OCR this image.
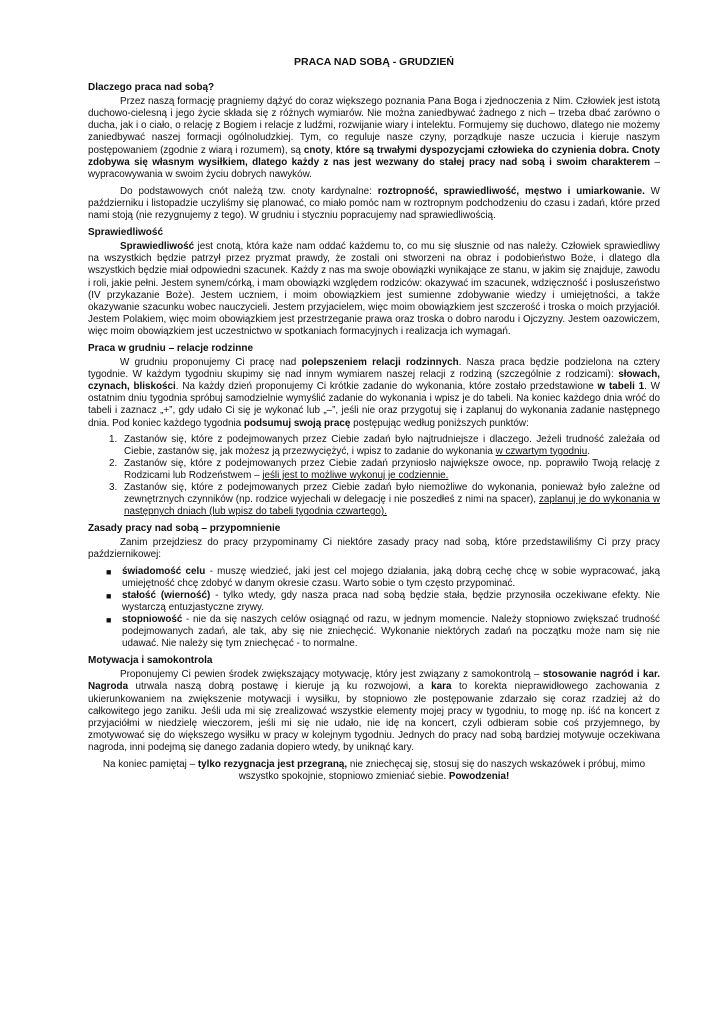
PRACA NAD SOBĄ - GRUDZIEŃ
Dlaczego praca nad sobą?

Przez naszą formację pragniemy dążyć do coraz większego poznania Pana Boga i zjednoczenia z Nim. Człowiek jest istotą duchowo-cielesną i jego życie składa się z różnych wymiarów. Nie można zaniedbywać żadnego z nich – trzeba dbać zarówno o ducha, jak i o ciało, o relację z Bogiem i relacje z ludźmi, rozwijanie wiary i intelektu. Formujemy się duchowo, dlatego nie możemy zaniedbywać naszej formacji ogólnoludzkiej. Tym, co reguluje nasze czyny, porządkuje nasze uczucia i kieruje naszym postępowaniem (zgodnie z wiarą i rozumem), są cnoty, które są trwałymi dyspozycjami człowieka do czynienia dobra. Cnoty zdobywa się własnym wysiłkiem, dlatego każdy z nas jest wezwany do stałej pracy nad sobą i swoim charakterem – wypracowywania w swoim życiu dobrych nawyków.

Do podstawowych cnót należą tzw. cnoty kardynalne: roztropność, sprawiedliwość, męstwo i umiarkowanie. W październiku i listopadzie uczyliśmy się planować, co miało pomóc nam w roztropnym podchodzeniu do czasu i zadań, które przed nami stoją (nie rezygnujemy z tego). W grudniu i styczniu popracujemy nad sprawiedliwością.

Sprawiedliwość

Sprawiedliwość jest cnotą, która każe nam oddać każdemu to, co mu się słusznie od nas należy. Człowiek sprawiedliwy na wszystkich będzie patrzył przez pryzmat prawdy, że zostali oni stworzeni na obraz i podobieństwo Boże, i dlatego dla wszystkich będzie miał odpowiedni szacunek. Każdy z nas ma swoje obowiązki wynikające ze stanu, w jakim się znajduje, zawodu i roli, jakie pełni. Jestem synem/córką, i mam obowiązki względem rodziców: okazywać im szacunek, wdzięczność i posłuszeństwo (IV przykazanie Boże). Jestem uczniem, i moim obowiązkiem jest sumienne zdobywanie wiedzy i umiejętności, a także okazywanie szacunku wobec nauczycieli. Jestem przyjacielem, więc moim obowiązkiem jest szczerość i troska o moich przyjaciół. Jestem Polakiem, więc moim obowiązkiem jest przestrzeganie prawa oraz troska o dobro narodu i Ojczyzny. Jestem oazowiczem, więc moim obowiązkiem jest uczestnictwo w spotkaniach formacyjnych i realizacja ich wymagań.

Praca w grudniu – relacje rodzinne

W grudniu proponujemy Ci pracę nad polepszeniem relacji rodzinnych. Nasza praca będzie podzielona na cztery tygodnie. W każdym tygodniu skupimy się nad innym wymiarem naszej relacji z rodziną (szczególnie z rodzicami): słowach, czynach, bliskości. Na każdy dzień proponujemy Ci krótkie zadanie do wykonania, które zostało przedstawione w tabeli 1. W ostatnim dniu tygodnia spróbuj samodzielnie wymyślić zadanie do wykonania i wpisz je do tabeli. Na koniec każdego dnia wróć do tabeli i zaznacz „+”, gdy udało Ci się je wykonać lub „–”, jeśli nie oraz przygotuj się i zaplanuj do wykonania zadanie następnego dnia. Pod koniec każdego tygodnia podsumuj swoją pracę postępując według poniższych punktów:

1. Zastanów się, które z podejmowanych przez Ciebie zadań było najtrudniejsze i dlaczego. Jeżeli trudność zależała od Ciebie, zastanów się, jak możesz ją przezwyciężyć, i wpisz to zadanie do wykonania w czwartym tygodniu.
2. Zastanów się, które z podejmowanych przez Ciebie zadań przyniosło największe owoce, np. poprawiło Twoją relację z Rodzicami lub Rodzeństwem – jeśli jest to możliwe wykonuj je codziennie.
3. Zastanów się, które z podejmowanych przez Ciebie zadań było niemożliwe do wykonania, ponieważ było zależne od zewnętrznych czynników (np. rodzice wyjechali w delegację i nie poszedłeś z nimi na spacer), zaplanuj je do wykonania w następnych dniach (lub wpisz do tabeli tygodnia czwartego).
Zasady pracy nad sobą – przypomnienie

Zanim przejdziesz do pracy przypominamy Ci niektóre zasady pracy nad sobą, które przedstawiliśmy Ci przy pracy październikowej:

■ świadomość celu - muszę wiedzieć, jaki jest cel mojego działania, jaką dobrą cechę chcę w sobie wypracować, jaką umiejętność chcę zdobyć w danym okresie czasu. Warto sobie o tym często przypominać.
■ stałość (wierność) - tylko wtedy, gdy nasza praca nad sobą będzie stała, będzie przynosiła oczekiwane efekty. Nie wystarczą entuzjastyczne zrywy.
■ stopniowość - nie da się naszych celów osiągnąć od razu, w jednym momencie. Należy stopniowo zwiększać trudność podejmowanych zadań, ale tak, aby się nie zniechęcić. Wykonanie niektórych zadań na początku może nam się nie udawać. Nie należy się tym zniechęcać - to normalne.
Motywacja i samokontrola

Proponujemy Ci pewien środek zwiększający motywację, który jest związany z samokontrolą – stosowanie nagród i kar. Nagroda utrwala naszą dobrą postawę i kieruje ją ku rozwojowi, a kara to korekta nieprawidłowego zachowania z ukierunkowaniem na zwiększenie motywacji i wysiłku, by stopniowo złe postępowanie zdarzało się coraz rzadziej aż do całkowitego jego zaniku. Jeśli uda mi się zrealizować wszystkie elementy mojej pracy w tygodniu, to mogę np. iść na koncert z przyjaciółmi w niedzielę wieczorem, jeśli mi się nie udało, nie idę na koncert, czyli odbieram sobie coś przyjemnego, by zmotywować się do większego wysiłku w pracy w kolejnym tygodniu. Jednych do pracy nad sobą bardziej motywuje oczekiwana nagroda, inni podejmą się danego zadania dopiero wtedy, by uniknąć kary.

Na koniec pamiętaj – tylko rezygnacja jest przegraną, nie zniechęcaj się, stosuj się do naszych wskazówek i próbuj, mimo wszystko spokojnie, stopniowo zmieniać siebie. Powodzenia!
